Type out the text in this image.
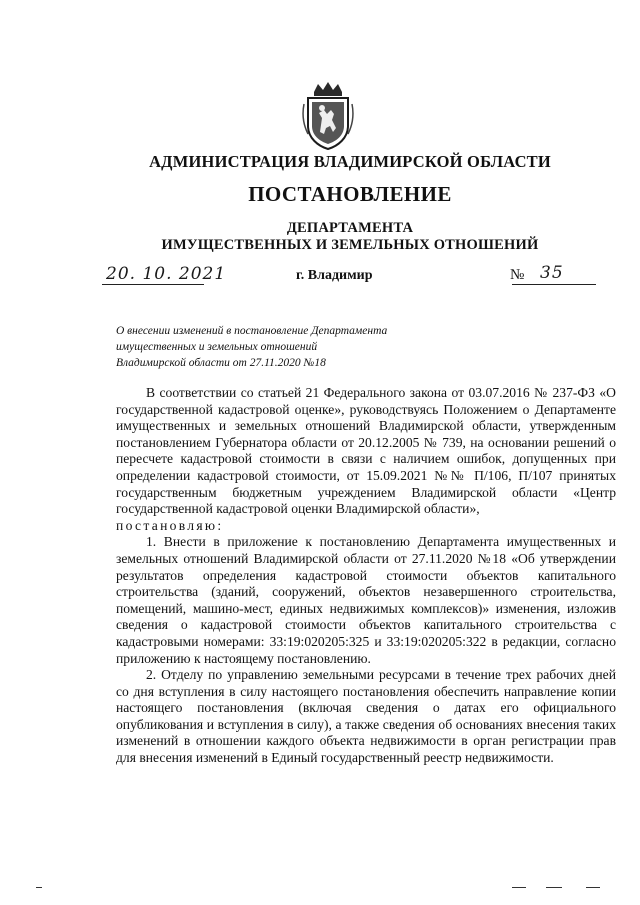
АДМИНИСТРАЦИЯ ВЛАДИМИРСКОЙ ОБЛАСТИ
ПОСТАНОВЛЕНИЕ
ДЕПАРТАМЕНТА
ИМУЩЕСТВЕННЫХ И ЗЕМЕЛЬНЫХ ОТНОШЕНИЙ
20. 10. 2021	г. Владимир	№ 35
О внесении изменений в постановление Департамента
имущественных и земельных отношений
Владимирской области от 27.11.2020 №18

В соответствии со статьей 21 Федерального закона от 03.07.2016 № 237-ФЗ «О государственной кадастровой оценке», руководствуясь Положением о Департаменте имущественных и земельных отношений Владимирской области, утвержденным постановлением Губернатора области от 20.12.2005 № 739, на основании решений о пересчете кадастровой стоимости в связи с наличием ошибок, допущенных при определении кадастровой стоимости, от 15.09.2021 №№ П/106, П/107 принятых государственным бюджетным учреждением Владимирской области «Центр государственной кадастровой оценки Владимирской области»,

постановляю:

1. Внести в приложение к постановлению Департамента имущественных и земельных отношений Владимирской области от 27.11.2020 №18 «Об утверждении результатов определения кадастровой стоимости объектов капитального строительства (зданий, сооружений, объектов незавершенного строительства, помещений, машино-мест, единых недвижимых комплексов)» изменения, изложив сведения о кадастровой стоимости объектов капитального строительства с кадастровыми номерами: 33:19:020205:325 и 33:19:020205:322 в редакции, согласно приложению к настоящему постановлению.

2. Отделу по управлению земельными ресурсами в течение трех рабочих дней со дня вступления в силу настоящего постановления обеспечить направление копии настоящего постановления (включая сведения о датах его официального опубликования и вступления в силу), а также сведения об основаниях внесения таких изменений в отношении каждого объекта недвижимости в орган регистрации прав для внесения изменений в Единый государственный реестр недвижимости.
